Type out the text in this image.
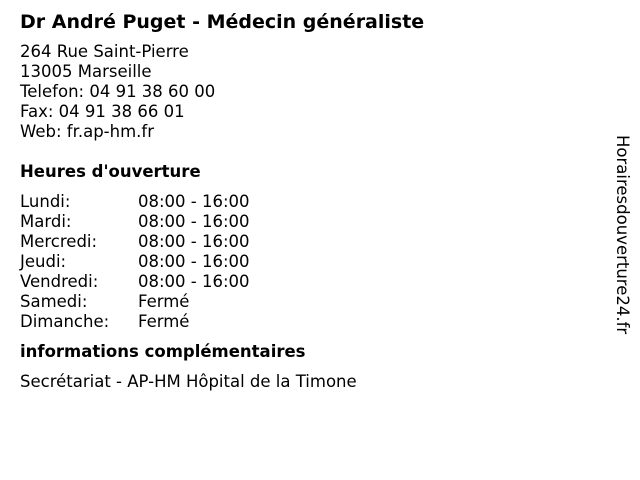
Dr André Puget - Médecin généraliste
264 Rue Saint-Pierre
13005 Marseille
Telefon: 04 91 38 60 00
Fax: 04 91 38 66 01
Web: fr.ap-hm.fr
Heures d'ouverture
Lundi:	08:00 - 16:00
Mardi:	08:00 - 16:00
Mercredi:	08:00 - 16:00
Jeudi:	08:00 - 16:00
Vendredi:	08:00 - 16:00
Samedi:	Fermé
Dimanche:	Fermé
informations complémentaires
Secrétariat - AP-HM Hôpital de la Timone
Horairesdouverture24.fr
